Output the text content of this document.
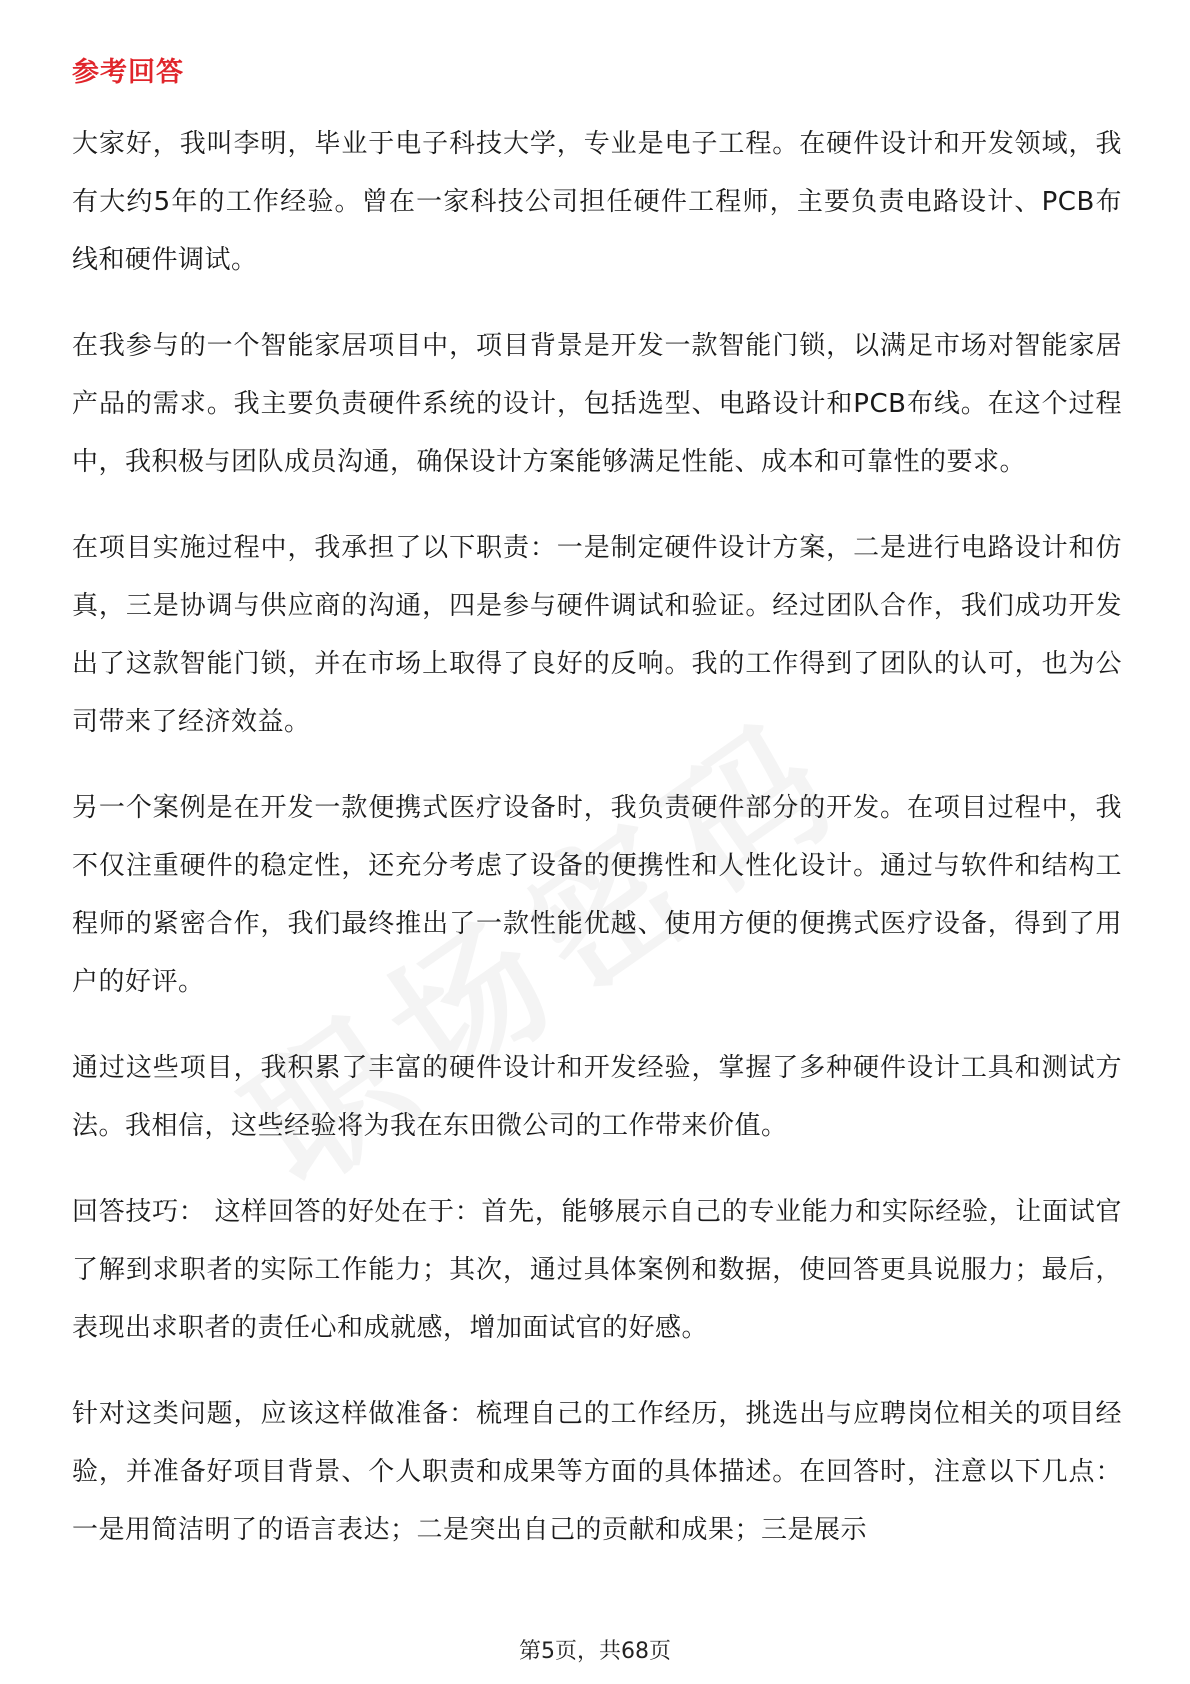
参考回答

大家好，我叫李明，毕业于电子科技大学，专业是电子工程。在硬件设计和开发领域，我有大约5年的工作经验。曾在一家科技公司担任硬件工程师，主要负责电路设计、PCB布线和硬件调试。

在我参与的一个智能家居项目中，项目背景是开发一款智能门锁，以满足市场对智能家居产品的需求。我主要负责硬件系统的设计，包括选型、电路设计和PCB布线。在这个过程中，我积极与团队成员沟通，确保设计方案能够满足性能、成本和可靠性的要求。

在项目实施过程中，我承担了以下职责：一是制定硬件设计方案，二是进行电路设计和仿真，三是协调与供应商的沟通，四是参与硬件调试和验证。经过团队合作，我们成功开发出了这款智能门锁，并在市场上取得了良好的反响。我的工作得到了团队的认可，也为公司带来了经济效益。

另一个案例是在开发一款便携式医疗设备时，我负责硬件部分的开发。在项目过程中，我不仅注重硬件的稳定性，还充分考虑了设备的便携性和人性化设计。通过与软件和结构工程师的紧密合作，我们最终推出了一款性能优越、使用方便的便携式医疗设备，得到了用户的好评。

通过这些项目，我积累了丰富的硬件设计和开发经验，掌握了多种硬件设计工具和测试方法。我相信，这些经验将为我在东田微公司的工作带来价值。

回答技巧： 这样回答的好处在于：首先，能够展示自己的专业能力和实际经验，让面试官了解到求职者的实际工作能力；其次，通过具体案例和数据，使回答更具说服力；最后，表现出求职者的责任心和成就感，增加面试官的好感。

针对这类问题，应该这样做准备：梳理自己的工作经历，挑选出与应聘岗位相关的项目经验，并准备好项目背景、个人职责和成果等方面的具体描述。在回答时，注意以下几点：一是用简洁明了的语言表达；二是突出自己的贡献和成果；三是展示

第5页，共68页
